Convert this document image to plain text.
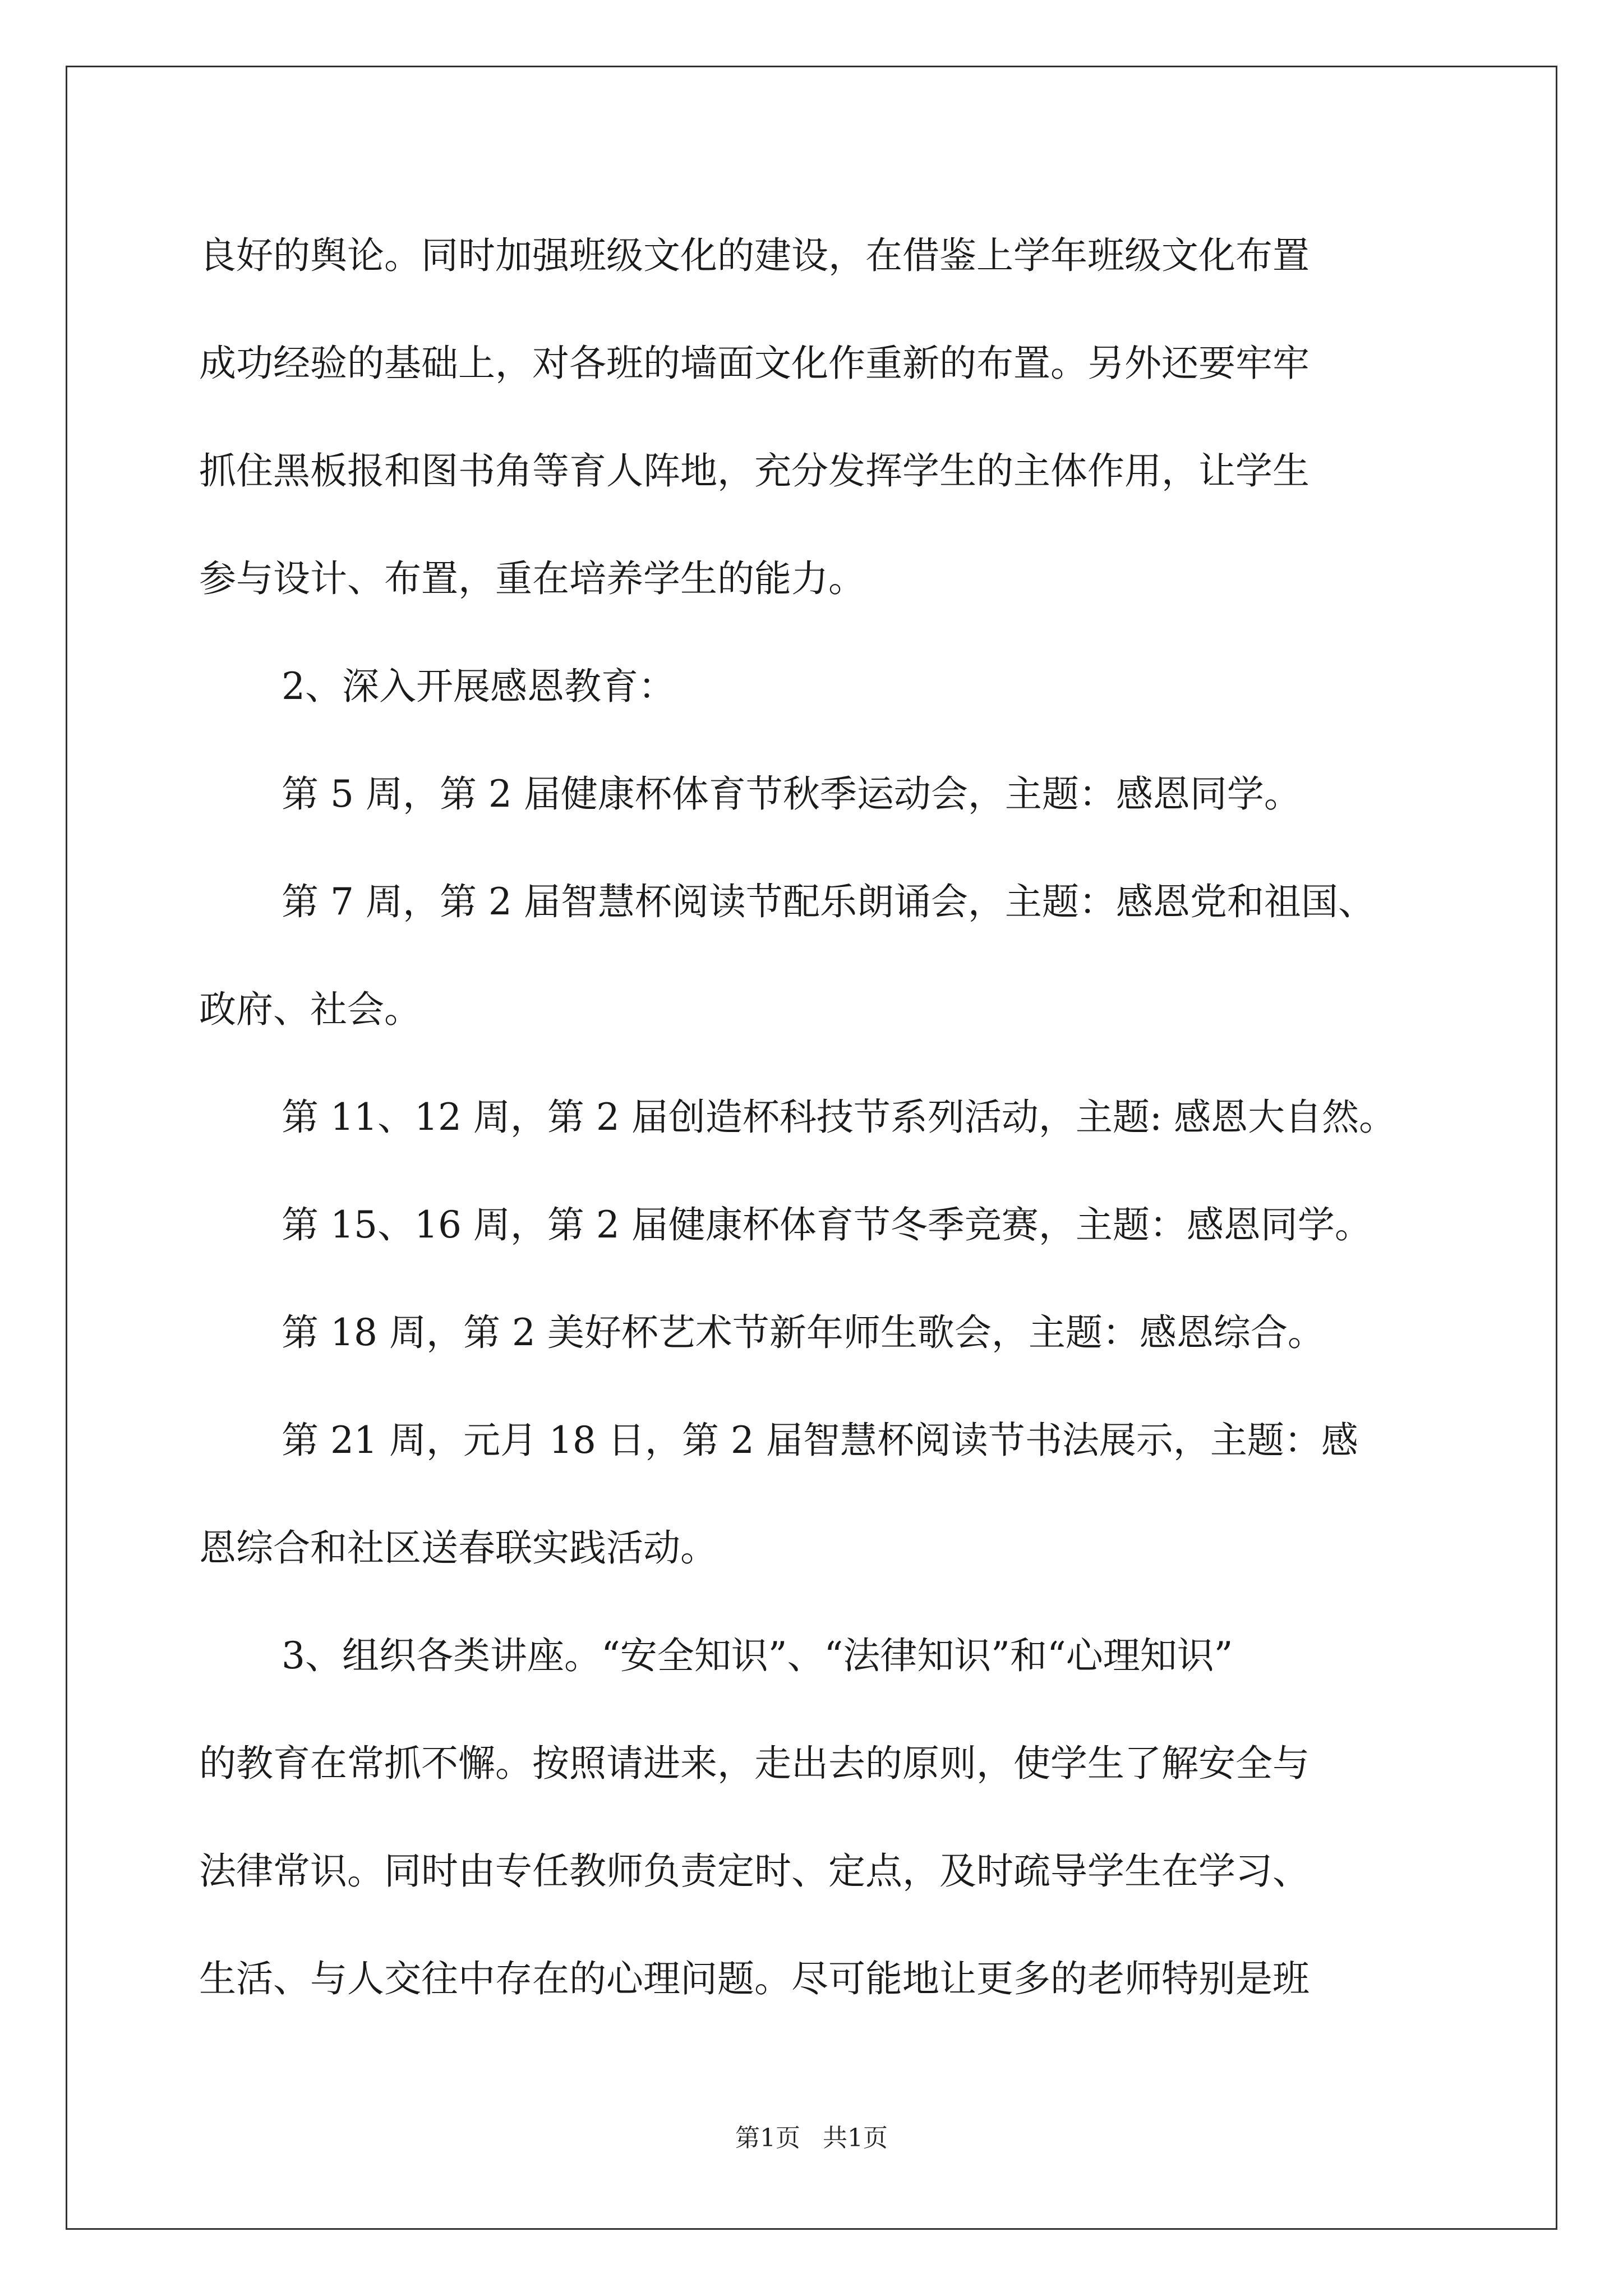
良好的舆论。同时加强班级文化的建设，在借鉴上学年班级文化布置

成功经验的基础上，对各班的墙面文化作重新的布置。另外还要牢牢

抓住黑板报和图书角等育人阵地，充分发挥学生的主体作用，让学生

参与设计、布置，重在培养学生的能力。

2、深入开展感恩教育：

第 5 周，第 2 届健康杯体育节秋季运动会，主题：感恩同学。

第 7 周，第 2 届智慧杯阅读节配乐朗诵会，主题：感恩党和祖国、

政府、社会。

第 11、12 周，第 2 届创造杯科技节系列活动，主题: 感恩大自然。

第 15、16 周，第 2 届健康杯体育节冬季竞赛，主题：感恩同学。

第 18 周，第 2 美好杯艺术节新年师生歌会，主题：感恩综合。

第 21 周，元月 18 日，第 2 届智慧杯阅读节书法展示，主题：感

恩综合和社区送春联实践活动。

3、组织各类讲座。“安全知识”、“法律知识”和“心理知识”

的教育在常抓不懈。按照请进来，走出去的原则，使学生了解安全与

法律常识。同时由专任教师负责定时、定点，及时疏导学生在学习、

生活、与人交往中存在的心理问题。尽可能地让更多的老师特别是班

第1页 共1页
